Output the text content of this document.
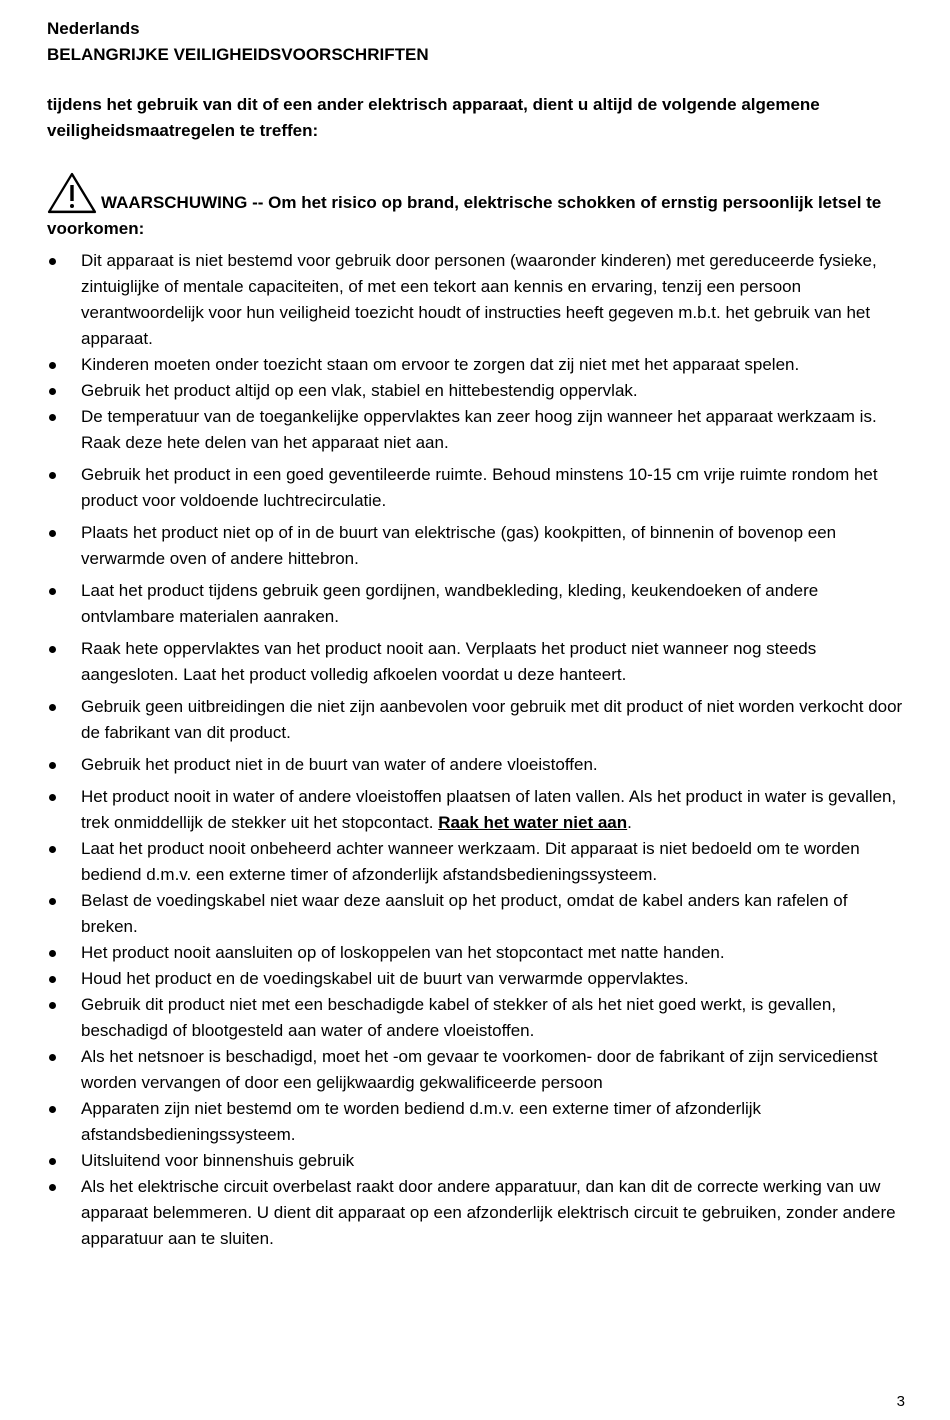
Nederlands
BELANGRIJKE VEILIGHEIDSVOORSCHRIFTEN
tijdens het gebruik van dit of een ander elektrisch apparaat, dient u altijd de volgende algemene veiligheidsmaatregelen te treffen:
WAARSCHUWING -- Om het risico op brand, elektrische schokken of ernstig persoonlijk letsel te voorkomen:
Dit apparaat is niet bestemd voor gebruik door personen (waaronder kinderen) met gereduceerde fysieke, zintuiglijke of mentale capaciteiten, of met een tekort aan kennis en ervaring, tenzij een persoon verantwoordelijk voor hun veiligheid toezicht houdt of instructies heeft gegeven m.b.t. het gebruik van het apparaat.
Kinderen moeten onder toezicht staan om ervoor te zorgen dat zij niet met het apparaat spelen.
Gebruik het product altijd op een vlak, stabiel en hittebestendig oppervlak.
De temperatuur van de toegankelijke oppervlaktes kan zeer hoog zijn wanneer het apparaat werkzaam is. Raak deze hete delen van het apparaat niet aan.
Gebruik het product in een goed geventileerde ruimte. Behoud minstens 10-15 cm vrije ruimte rondom het product voor voldoende luchtrecirculatie.
Plaats het product niet op of in de buurt van elektrische (gas) kookpitten, of binnenin of bovenop een verwarmde oven of andere hittebron.
Laat het product tijdens gebruik geen gordijnen, wandbekleding, kleding, keukendoeken of andere ontvlambare materialen aanraken.
Raak hete oppervlaktes van het product nooit aan. Verplaats het product niet wanneer nog steeds aangesloten. Laat het product volledig afkoelen voordat u deze hanteert.
Gebruik geen uitbreidingen die niet zijn aanbevolen voor gebruik met dit product of niet worden verkocht door de fabrikant van dit product.
Gebruik het product niet in de buurt van water of andere vloeistoffen.
Het product nooit in water of andere vloeistoffen plaatsen of laten vallen. Als het product in water is gevallen, trek onmiddellijk de stekker uit het stopcontact. Raak het water niet aan.
Laat het product nooit onbeheerd achter wanneer werkzaam. Dit apparaat is niet bedoeld om te worden bediend d.m.v. een externe timer of afzonderlijk afstandsbedieningssysteem.
Belast de voedingskabel niet waar deze aansluit op het product, omdat de kabel anders kan rafelen of breken.
Het product nooit aansluiten op of loskoppelen van het stopcontact met natte handen.
Houd het product en de voedingskabel uit de buurt van verwarmde oppervlaktes.
Gebruik dit product niet met een beschadigde kabel of stekker of als het niet goed werkt, is gevallen, beschadigd of blootgesteld aan water of andere vloeistoffen.
Als het netsnoer is beschadigd, moet het -om gevaar te voorkomen- door de fabrikant of zijn servicedienst worden vervangen of door een gelijkwaardig gekwalificeerde persoon
Apparaten zijn niet bestemd om te worden bediend d.m.v. een externe timer of afzonderlijk afstandsbedieningssysteem.
Uitsluitend voor binnenshuis gebruik
Als het elektrische circuit overbelast raakt door andere apparatuur, dan kan dit de correcte werking van uw apparaat belemmeren. U dient dit apparaat op een afzonderlijk elektrisch circuit te gebruiken, zonder andere apparatuur aan te sluiten.
3
